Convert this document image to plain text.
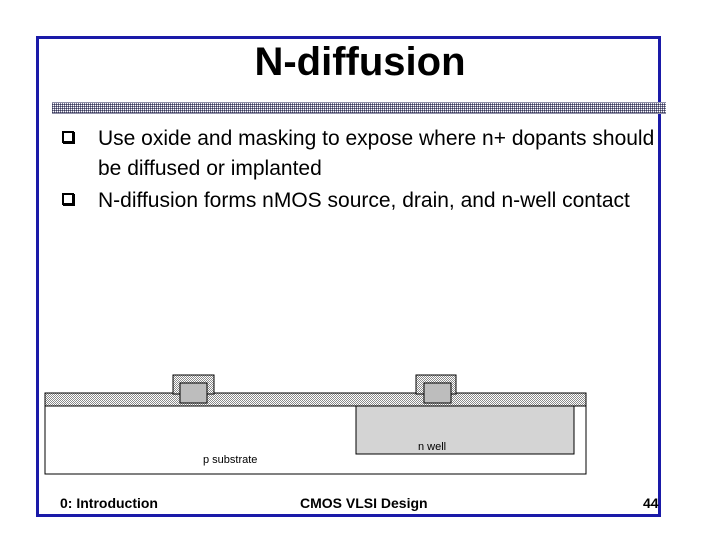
N-diffusion
Use oxide and masking to expose where n+ dopants should be diffused or implanted
N-diffusion forms nMOS source, drain, and n-well contact
n well
p substrate
0: Introduction	CMOS VLSI Design	44
